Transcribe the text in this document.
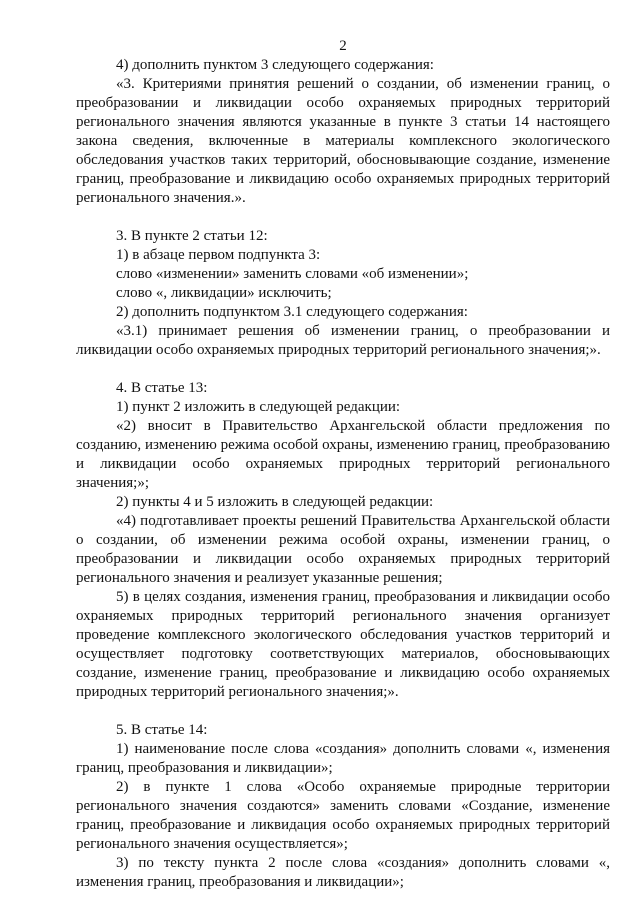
2

4) дополнить пунктом 3 следующего содержания:

«3. Критериями принятия решений о создании, об изменении границ, о преобразовании и ликвидации особо охраняемых природных территорий регионального значения являются указанные в пункте 3 статьи 14 настоящего закона сведения, включенные в материалы комплексного экологического обследования участков таких территорий, обосновывающие создание, изменение границ, преобразование и ликвидацию особо охраняемых природных территорий регионального значения.».

3. В пункте 2 статьи 12:

1) в абзаце первом подпункта 3:

слово «изменении» заменить словами «об изменении»;

слово «, ликвидации» исключить;

2) дополнить подпунктом 3.1 следующего содержания:

«3.1) принимает решения об изменении границ, о преобразовании и ликвидации особо охраняемых природных территорий регионального значения;».

4. В статье 13:

1) пункт 2 изложить в следующей редакции:

«2) вносит в Правительство Архангельской области предложения по созданию, изменению режима особой охраны, изменению границ, преобразованию и ликвидации особо охраняемых природных территорий регионального значения;»;

2) пункты 4 и 5 изложить в следующей редакции:

«4) подготавливает проекты решений Правительства Архангельской области о создании, об изменении режима особой охраны, изменении границ, о преобразовании и ликвидации особо охраняемых природных территорий регионального значения и реализует указанные решения;

5) в целях создания, изменения границ, преобразования и ликвидации особо охраняемых природных территорий регионального значения организует проведение комплексного экологического обследования участков территорий и осуществляет подготовку соответствующих материалов, обосновывающих создание, изменение границ, преобразование и ликвидацию особо охраняемых природных территорий регионального значения;».

5. В статье 14:

1) наименование после слова «создания» дополнить словами «, изменения границ, преобразования и ликвидации»;

2) в пункте 1 слова «Особо охраняемые природные территории регионального значения создаются» заменить словами «Создание, изменение границ, преобразование и ликвидация особо охраняемых природных территорий регионального значения осуществляется»;

3) по тексту пункта 2 после слова «создания» дополнить словами «, изменения границ, преобразования и ликвидации»;
